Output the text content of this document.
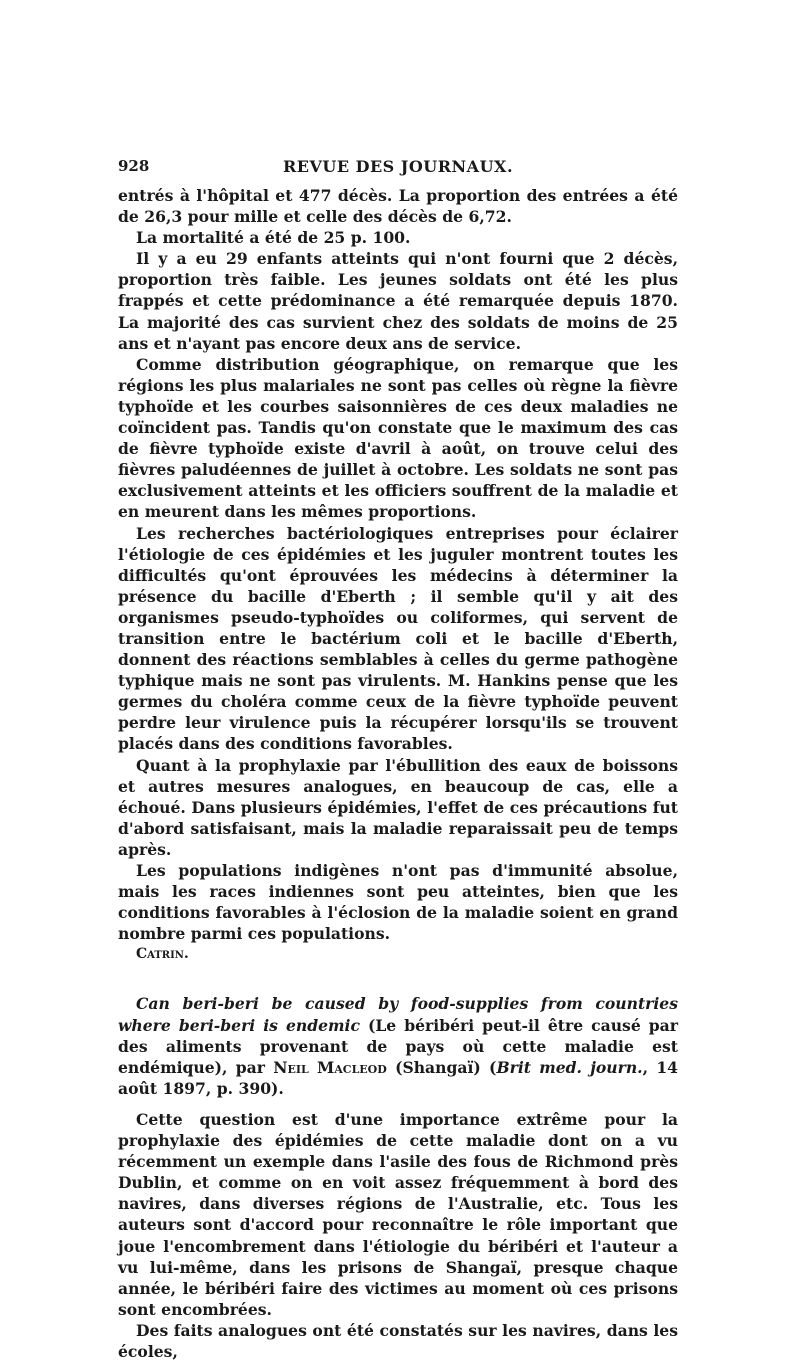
928	REVUE DES JOURNAUX.

entrés à l'hôpital et 477 décès. La proportion des entrées a été de 26,3 pour mille et celle des décès de 6,72.

La mortalité a été de 25 p. 100.

Il y a eu 29 enfants atteints qui n'ont fourni que 2 décès, proportion très faible. Les jeunes soldats ont été les plus frappés et cette prédominance a été remarquée depuis 1870. La majorité des cas survient chez des soldats de moins de 25 ans et n'ayant pas encore deux ans de service.

Comme distribution géographique, on remarque que les régions les plus malariales ne sont pas celles où règne la fièvre typhoïde et les courbes saisonnières de ces deux maladies ne coïncident pas. Tandis qu'on constate que le maximum des cas de fièvre typhoïde existe d'avril à août, on trouve celui des fièvres paludéennes de juillet à octobre. Les soldats ne sont pas exclusivement atteints et les officiers souffrent de la maladie et en meurent dans les mêmes proportions.

Les recherches bactériologiques entreprises pour éclairer l'étiologie de ces épidémies et les juguler montrent toutes les difficultés qu'ont éprouvées les médecins à déterminer la présence du bacille d'Eberth ; il semble qu'il y ait des organismes pseudo-typhoïdes ou coliformes, qui servent de transition entre le bactérium coli et le bacille d'Eberth, donnent des réactions semblables à celles du germe pathogène typhique mais ne sont pas virulents. M. Hankins pense que les germes du choléra comme ceux de la fièvre typhoïde peuvent perdre leur virulence puis la récupérer lorsqu'ils se trouvent placés dans des conditions favorables.

Quant à la prophylaxie par l'ébullition des eaux de boissons et autres mesures analogues, en beaucoup de cas, elle a échoué. Dans plusieurs épidémies, l'effet de ces précautions fut d'abord satisfaisant, mais la maladie reparaissait peu de temps après.

Les populations indigènes n'ont pas d'immunité absolue, mais les races indiennes sont peu atteintes, bien que les conditions favorables à l'éclosion de la maladie soient en grand nombre parmi ces populations.

Catrin.

Can beri-beri be caused by food-supplies from countries where beri-beri is endemic (Le béribéri peut-il être causé par des aliments provenant de pays où cette maladie est endémique), par Neil Macleod (Shangaï) (Brit med. journ., 14 août 1897, p. 390).

Cette question est d'une importance extrême pour la prophylaxie des épidémies de cette maladie dont on a vu récemment un exemple dans l'asile des fous de Richmond près Dublin, et comme on en voit assez fréquemment à bord des navires, dans diverses régions de l'Australie, etc. Tous les auteurs sont d'accord pour reconnaître le rôle important que joue l'encombrement dans l'étiologie du béribéri et l'auteur a vu lui-même, dans les prisons de Shangaï, presque chaque année, le béribéri faire des victimes au moment où ces prisons sont encombrées.

Des faits analogues ont été constatés sur les navires, dans les écoles,
